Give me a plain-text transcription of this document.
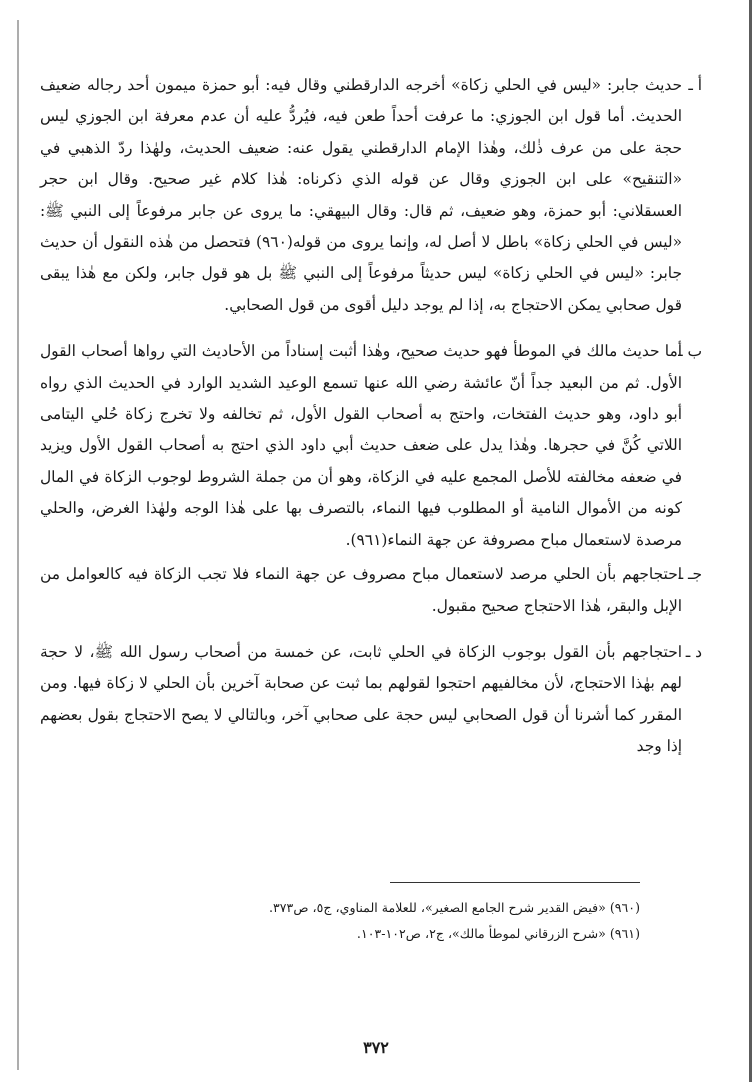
أ ـ

حديث جابر: «ليس في الحلي زكاة» أخرجه الدارقطني وقال فيه: أبو حمزة ميمون أحد رجاله ضعيف الحديث. أما قول ابن الجوزي: ما عرفت أحداً طعن فيه، فيُردُّ عليه أن عدم معرفة ابن الجوزي ليس حجة على من عرف ذٰلك، وهٰذا الإمام الدارقطني يقول عنه: ضعيف الحديث، ولهٰذا ردّ الذهبي في «التنقيح» على ابن الجوزي وقال عن قوله الذي ذكرناه: هٰذا كلام غير صحيح. وقال ابن حجر العسقلاني: أبو حمزة، وهو ضعيف، ثم قال: وقال البيهقي: ما يروى عن جابر مرفوعاً إلى النبي ﷺ: «ليس في الحلي زكاة» باطل لا أصل له، وإنما يروى من قوله(٩٦٠) فتحصل من هٰذه النقول أن حديث جابر: «ليس في الحلي زكاة» ليس حديثاً مرفوعاً إلى النبي ﷺ بل هو قول جابر، ولكن مع هٰذا يبقى قول صحابي يمكن الاحتجاج به، إذا لم يوجد دليل أقوى من قول الصحابي.

ب ـ

أما حديث مالك في الموطأ فهو حديث صحيح، وهٰذا أثبت إسناداً من الأحاديث التي رواها أصحاب القول الأول. ثم من البعيد جداً أنّ عائشة رضي الله عنها تسمع الوعيد الشديد الوارد في الحديث الذي رواه أبو داود، وهو حديث الفتخات، واحتج به أصحاب القول الأول، ثم تخالفه ولا تخرج زكاة حُلي اليتامى اللاتي كُنَّ في حجرها. وهٰذا يدل على ضعف حديث أبي داود الذي احتج به أصحاب القول الأول ويزيد في ضعفه مخالفته للأصل المجمع عليه في الزكاة، وهو أن من جملة الشروط لوجوب الزكاة في المال كونه من الأموال النامية أو المطلوب فيها النماء، بالتصرف بها على هٰذا الوجه ولهٰذا الغرض، والحلي مرصدة لاستعمال مباح مصروفة عن جهة النماء(٩٦١).

جـ ـ

احتجاجهم بأن الحلي مرصد لاستعمال مباح مصروف عن جهة النماء فلا تجب الزكاة فيه كالعوامل من الإبل والبقر، هٰذا الاحتجاج صحيح مقبول.

د ـ

احتجاجهم بأن القول بوجوب الزكاة في الحلي ثابت، عن خمسة من أصحاب رسول الله ﷺ، لا حجة لهم بهٰذا الاحتجاج، لأن مخالفيهم احتجوا لقولهم بما ثبت عن صحابة آخرين بأن الحلي لا زكاة فيها. ومن المقرر كما أشرنا أن قول الصحابي ليس حجة على صحابي آخر، وبالتالي لا يصح الاحتجاج بقول بعضهم إذا وجد

(٩٦٠) «فيض القدير شرح الجامع الصغير»، للعلامة المناوي، ج٥، ص٣٧٣.

(٩٦١) «شرح الزرقاني لموطأ مالك»، ج٢، ص١٠٢-١٠٣.

٣٧٢
